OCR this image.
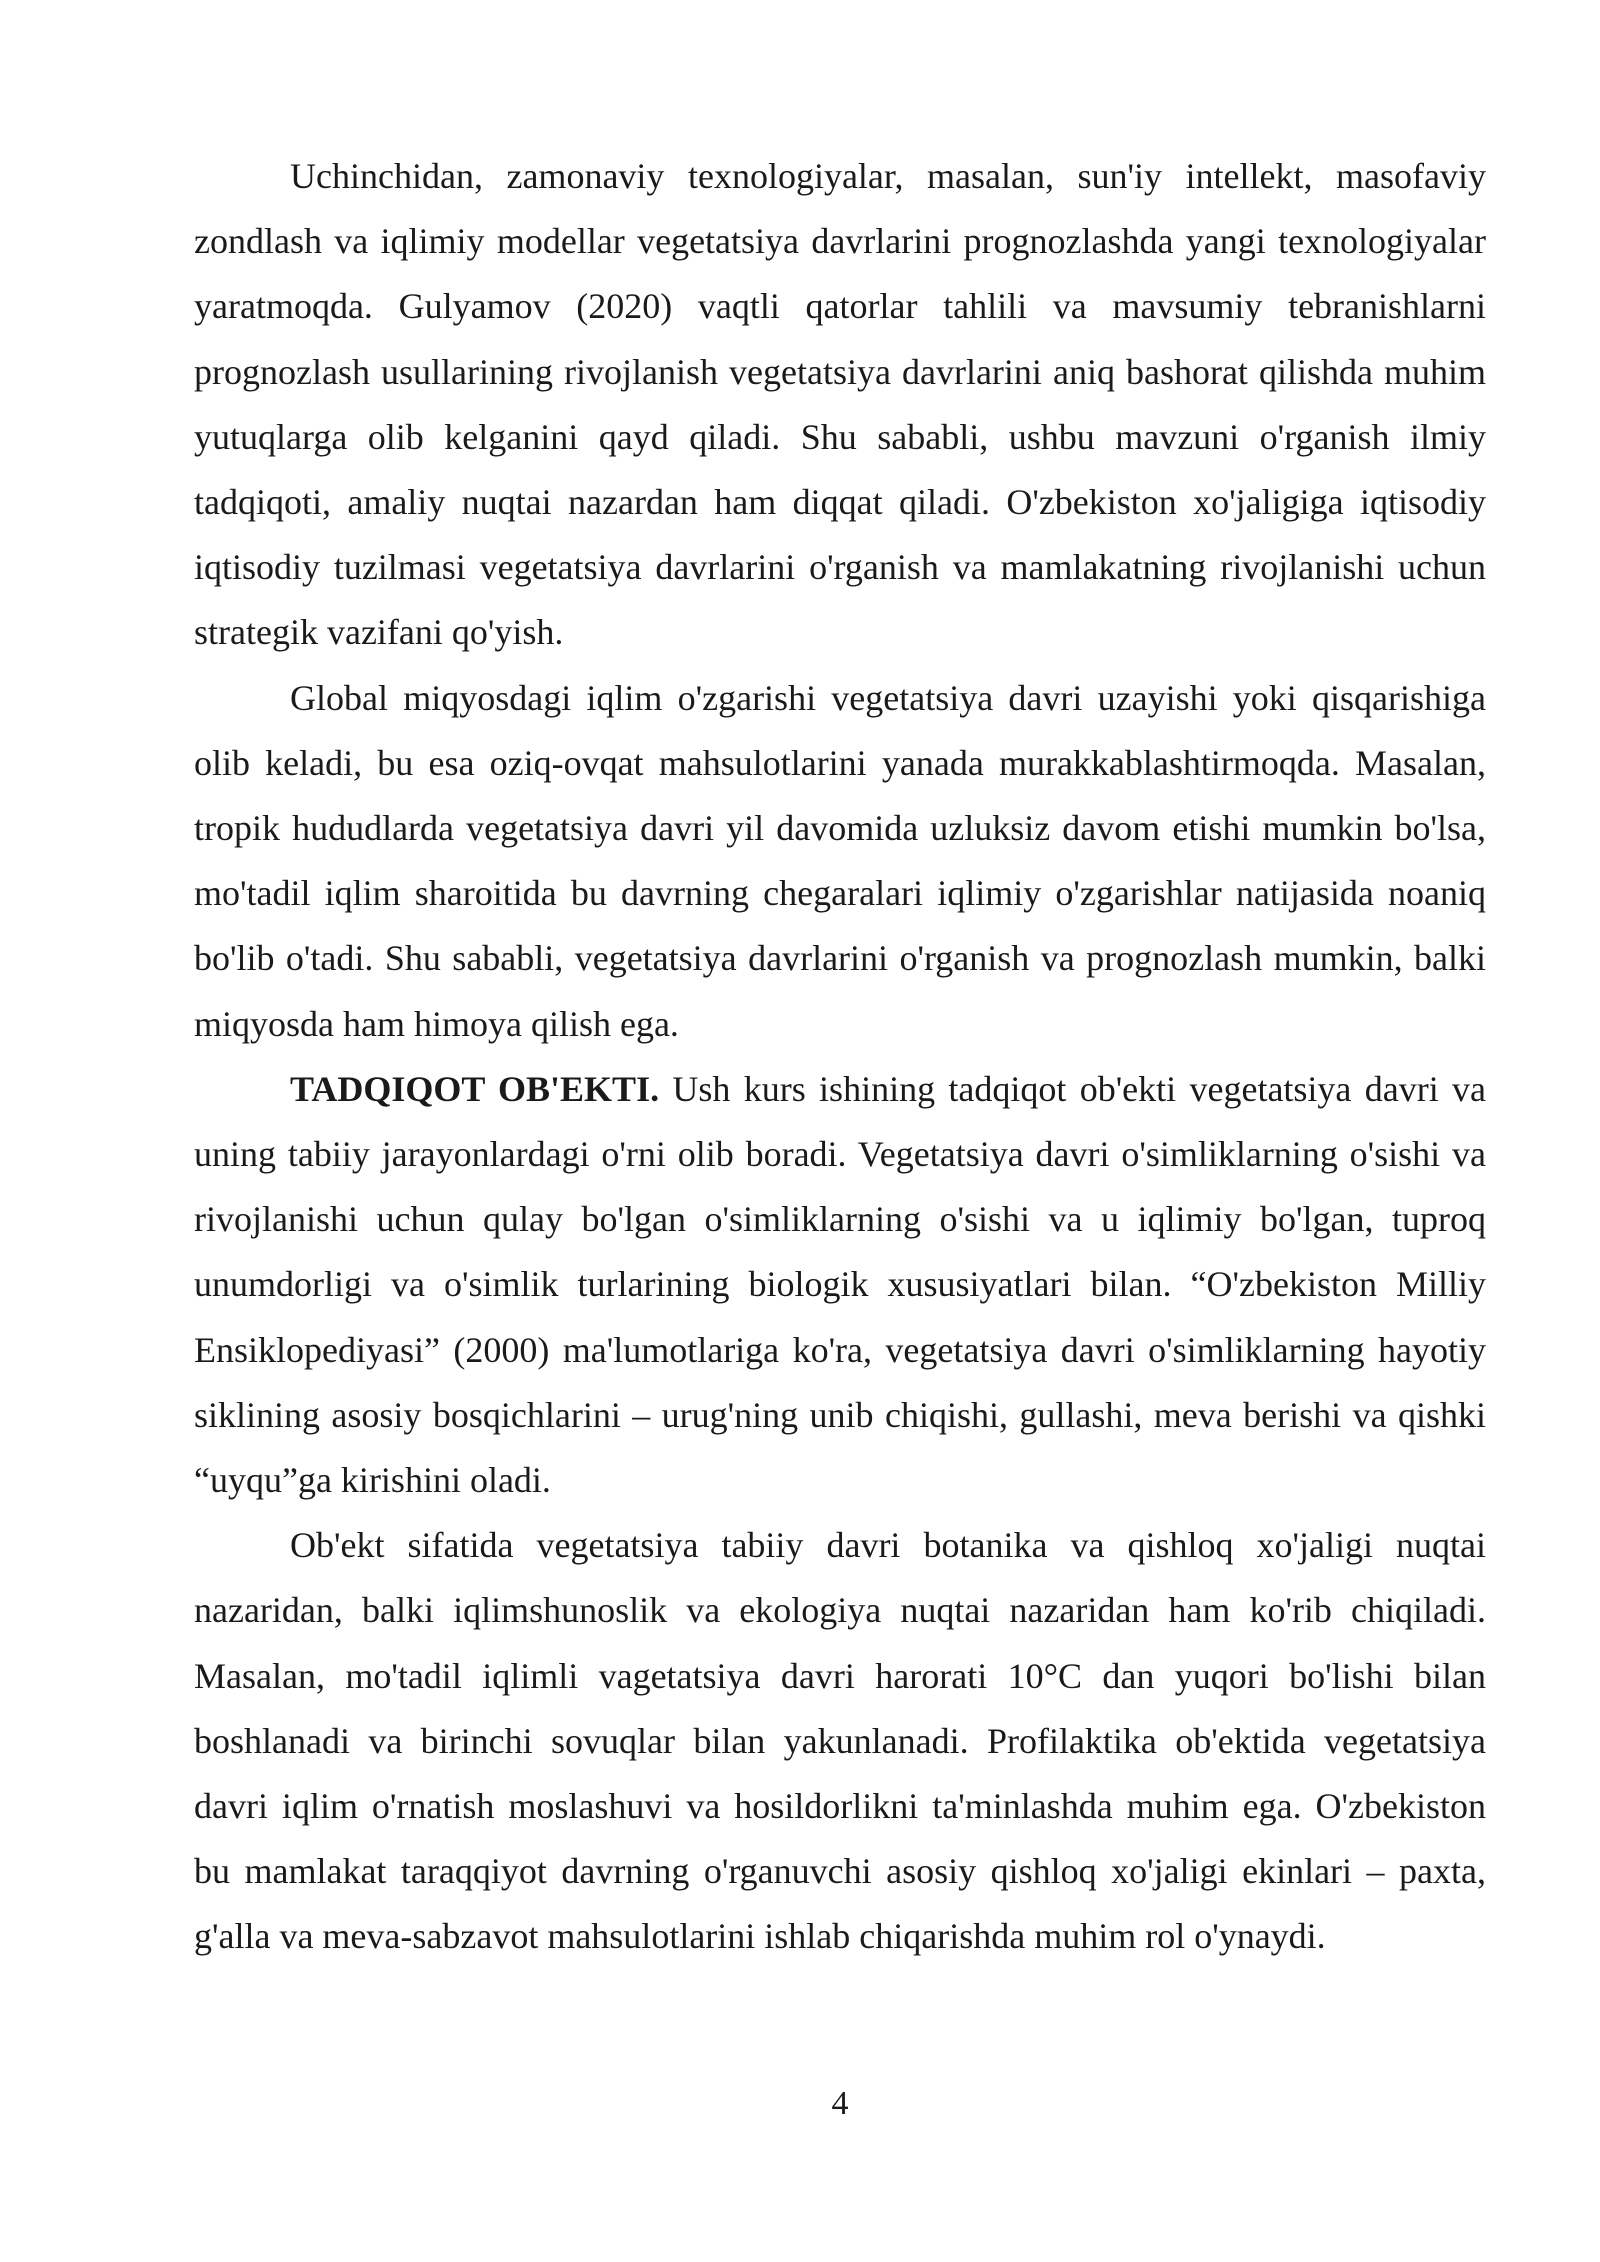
Uchinchidan, zamonaviy texnologiyalar, masalan, sun'iy intellekt, masofaviy zondlash va iqlimiy modellar vegetatsiya davrlarini prognozlashda yangi texnologiyalar yaratmoqda. Gulyamov (2020) vaqtli qatorlar tahlili va mavsumiy tebranishlarni prognozlash usullarining rivojlanish vegetatsiya davrlarini aniq bashorat qilishda muhim yutuqlarga olib kelganini qayd qiladi. Shu sababli, ushbu mavzuni o'rganish ilmiy tadqiqoti, amaliy nuqtai nazardan ham diqqat qiladi. O'zbekiston xo'jaligiga iqtisodiy iqtisodiy tuzilmasi vegetatsiya davrlarini o'rganish va mamlakatning rivojlanishi uchun strategik vazifani qo'yish.

Global miqyosdagi iqlim o'zgarishi vegetatsiya davri uzayishi yoki qisqarishiga olib keladi, bu esa oziq-ovqat mahsulotlarini yanada murakkablashtirmoqda. Masalan, tropik hududlarda vegetatsiya davri yil davomida uzluksiz davom etishi mumkin bo'lsa, mo'tadil iqlim sharoitida bu davrning chegaralari iqlimiy o'zgarishlar natijasida noaniq bo'lib o'tadi. Shu sababli, vegetatsiya davrlarini o'rganish va prognozlash mumkin, balki miqyosda ham himoya qilish ega.

TADQIQOT OB'EKTI. Ush kurs ishining tadqiqot ob'ekti vegetatsiya davri va uning tabiiy jarayonlardagi o'rni olib boradi. Vegetatsiya davri o'simliklarning o'sishi va rivojlanishi uchun qulay bo'lgan o'simliklarning o'sishi va u iqlimiy bo'lgan, tuproq unumdorligi va o'simlik turlarining biologik xususiyatlari bilan. “O'zbekiston Milliy Ensiklopediyasi” (2000) ma'lumotlariga ko'ra, vegetatsiya davri o'simliklarning hayotiy siklining asosiy bosqichlarini – urug'ning unib chiqishi, gullashi, meva berishi va qishki “uyqu”ga kirishini oladi.

Ob'ekt sifatida vegetatsiya tabiiy davri botanika va qishloq xo'jaligi nuqtai nazaridan, balki iqlimshunoslik va ekologiya nuqtai nazaridan ham ko'rib chiqiladi. Masalan, mo'tadil iqlimli vagetatsiya davri harorati 10°C dan yuqori bo'lishi bilan boshlanadi va birinchi sovuqlar bilan yakunlanadi. Profilaktika ob'ektida vegetatsiya davri iqlim o'rnatish moslashuvi va hosildorlikni ta'minlashda muhim ega. O'zbekiston bu mamlakat taraqqiyot davrning o'rganuvchi asosiy qishloq xo'jaligi ekinlari – paxta, g'alla va meva-sabzavot mahsulotlarini ishlab chiqarishda muhim rol o'ynaydi.

4
